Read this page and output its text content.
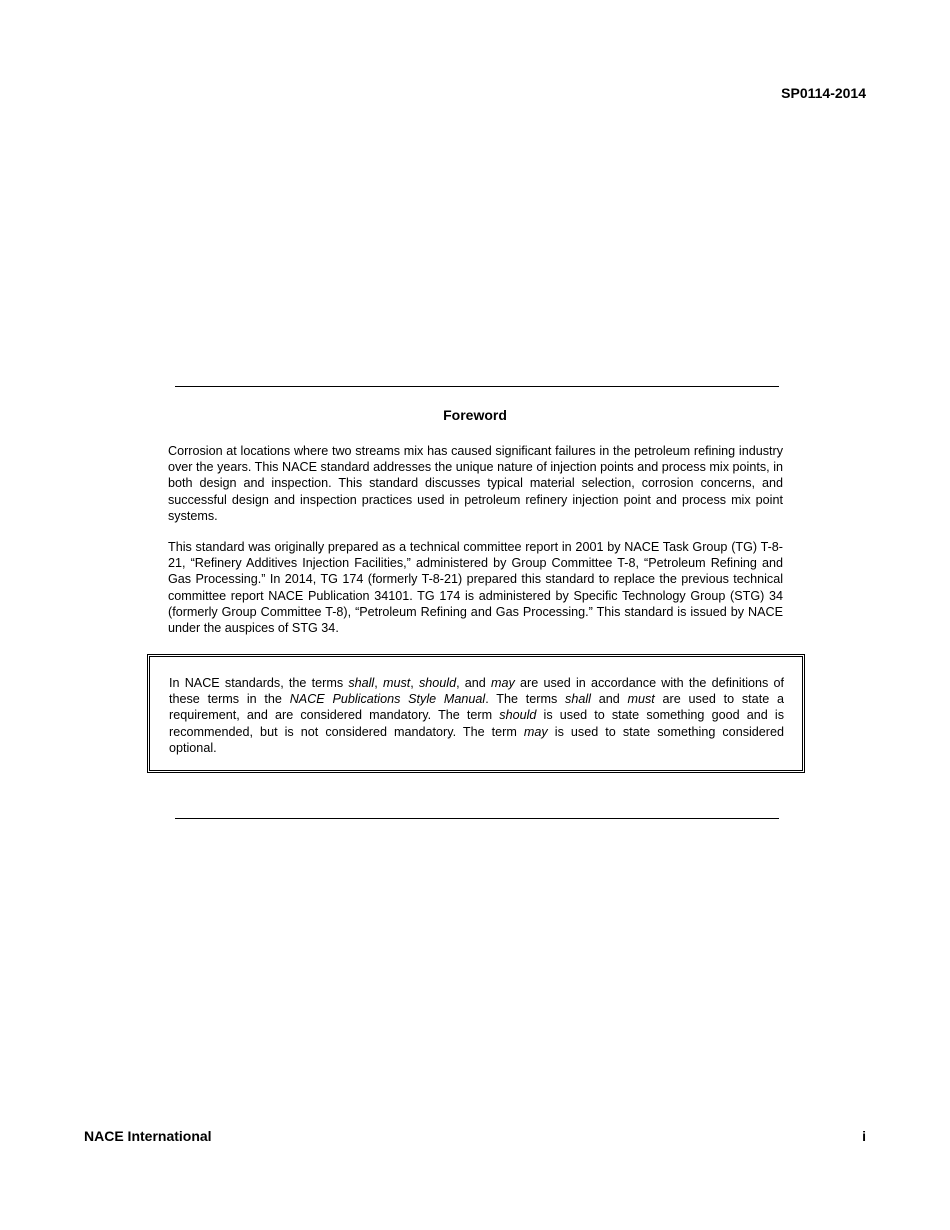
SP0114-2014
Foreword

Corrosion at locations where two streams mix has caused significant failures in the petroleum refining industry over the years. This NACE standard addresses the unique nature of injection points and process mix points, in both design and inspection. This standard discusses typical material selection, corrosion concerns, and successful design and inspection practices used in petroleum refinery injection point and process mix point systems.

This standard was originally prepared as a technical committee report in 2001 by NACE Task Group (TG) T-8-21, “Refinery Additives Injection Facilities,” administered by Group Committee T-8, “Petroleum Refining and Gas Processing.” In 2014, TG 174 (formerly T-8-21) prepared this standard to replace the previous technical committee report NACE Publication 34101. TG 174 is administered by Specific Technology Group (STG) 34 (formerly Group Committee T-8), “Petroleum Refining and Gas Processing.” This standard is issued by NACE under the auspices of STG 34.

In NACE standards, the terms shall, must, should, and may are used in accordance with the definitions of these terms in the NACE Publications Style Manual. The terms shall and must are used to state a requirement, and are considered mandatory. The term should is used to state something good and is recommended, but is not considered mandatory. The term may is used to state something considered optional.

NACE International	i
